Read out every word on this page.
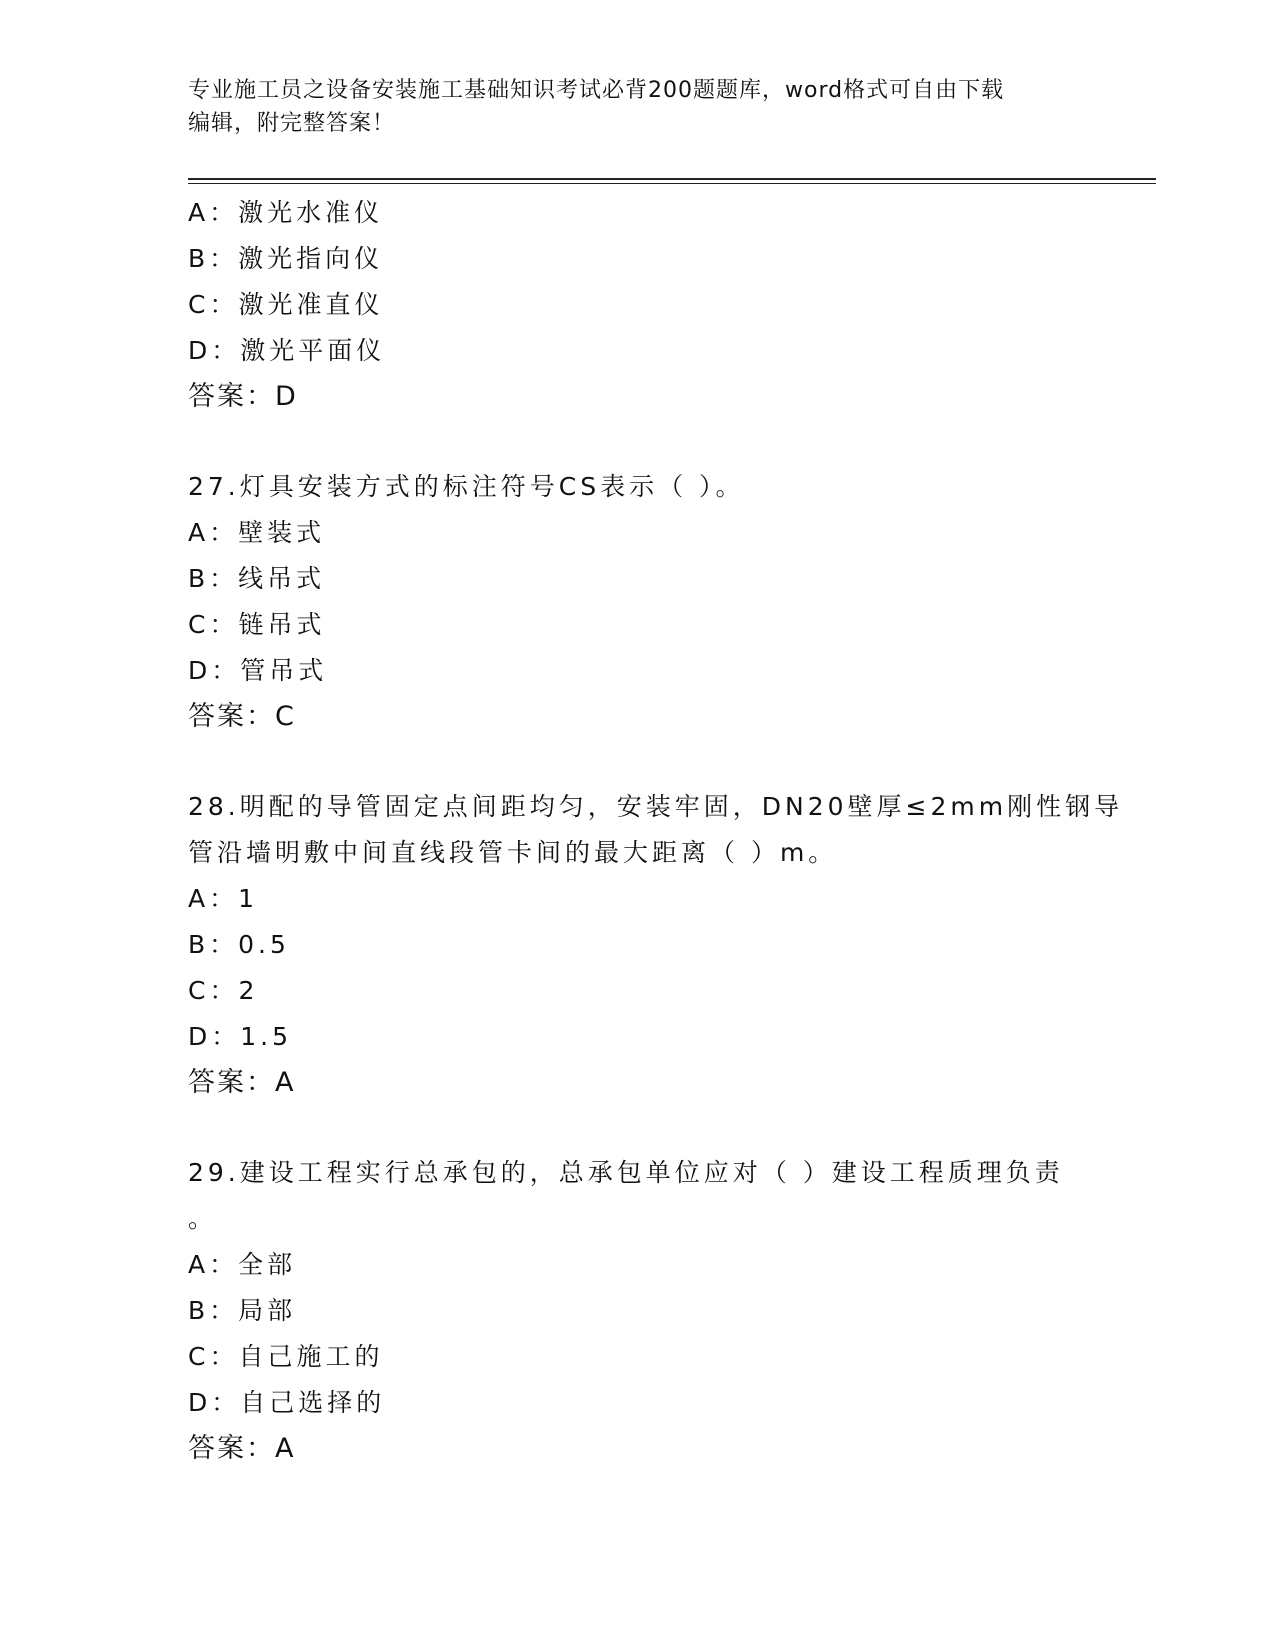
专业施工员之设备安装施工基础知识考试必背200题题库，word格式可自由下载
编辑，附完整答案！
A：激光水准仪
B：激光指向仪
C：激光准直仪
D：激光平面仪
答案：D
27.灯具安装方式的标注符号CS表示（ ）。
A：壁装式
B：线吊式
C：链吊式
D：管吊式
答案：C
28.明配的导管固定点间距均匀，安装牢固，DN20壁厚≤2mm刚性钢导
管沿墙明敷中间直线段管卡间的最大距离（ ）m。
A：1
B：0.5
C：2
D：1.5
答案：A
29.建设工程实行总承包的，总承包单位应对（ ）建设工程质理负责
。
A：全部
B：局部
C：自己施工的
D：自己选择的
答案：A
